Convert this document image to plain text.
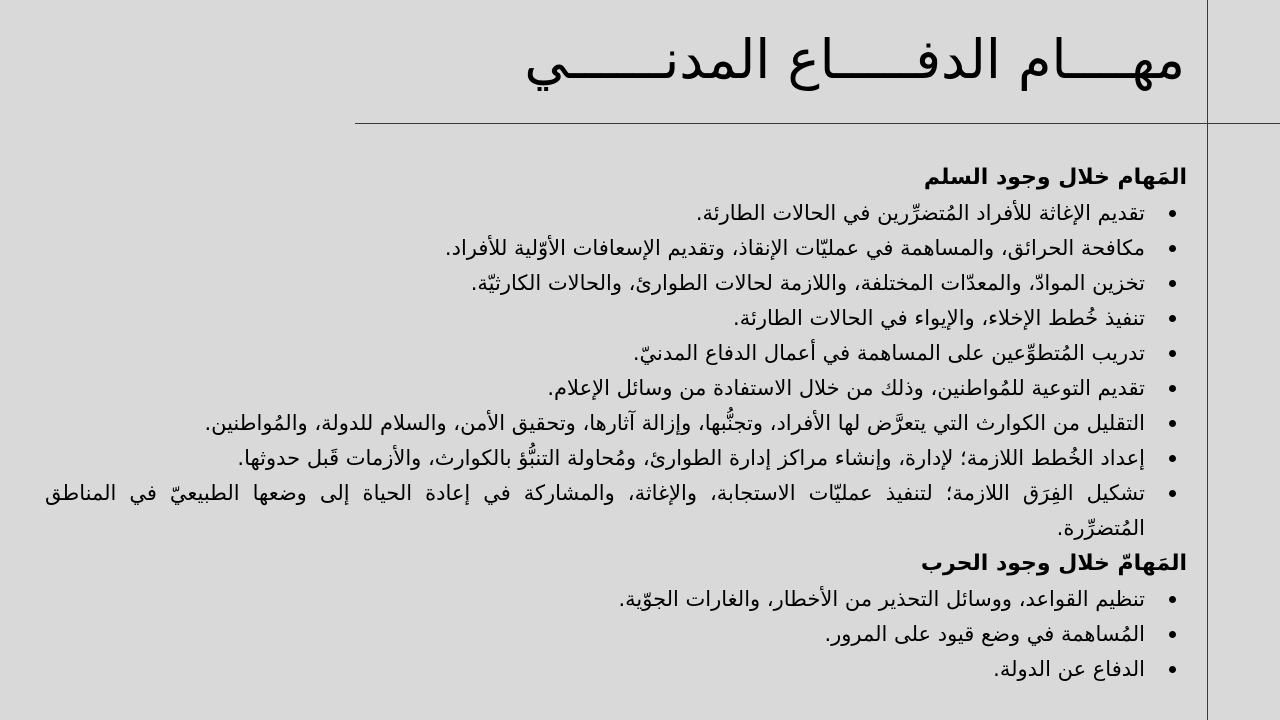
مهــــام الدفـــــاع المدنــــــي
المَهام خلال وجود السلم
تقديم الإغاثة للأفراد المُتضرِّرين في الحالات الطارئة.
مكافحة الحرائق، والمساهمة في عمليّات الإنقاذ، وتقديم الإسعافات الأوّلية للأفراد.
تخزين الموادّ، والمعدّات المختلفة، واللازمة لحالات الطوارئ، والحالات الكارثيّة.
تنفيذ خُطط الإخلاء، والإيواء في الحالات الطارئة.
تدريب المُتطوِّعين على المساهمة في أعمال الدفاع المدنيّ.
تقديم التوعية للمُواطنين، وذلك من خلال الاستفادة من وسائل الإعلام.
التقليل من الكوارث التي يتعرَّض لها الأفراد، وتجنُّبها، وإزالة آثارها، وتحقيق الأمن، والسلام للدولة، والمُواطنين.
إعداد الخُطط اللازمة؛ لإدارة، وإنشاء مراكز إدارة الطوارئ، ومُحاولة التنبُّؤ بالكوارث، والأزمات قَبل حدوثها.
تشكيل الفِرَق اللازمة؛ لتنفيذ عمليّات الاستجابة، والإغاثة، والمشاركة في إعادة الحياة إلى وضعها الطبيعيّ في المناطق المُتضرِّرة.
المَهامّ خلال وجود الحرب
تنظيم القواعد، ووسائل التحذير من الأخطار، والغارات الجوّية.
المُساهمة في وضع قيود على المرور.
الدفاع عن الدولة.
